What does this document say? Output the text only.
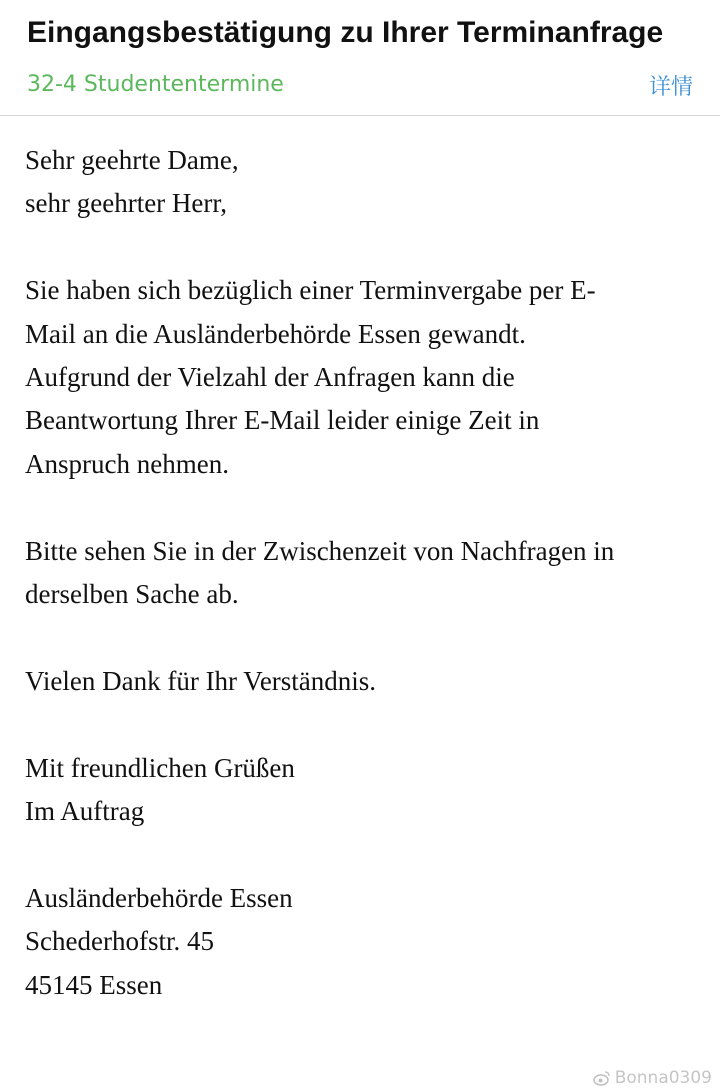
Eingangsbestätigung zu Ihrer Terminanfrage
32-4 Studententermine	详情
Sehr geehrte Dame,
sehr geehrter Herr,
Sie haben sich bezüglich einer Terminvergabe per E-
Mail an die Ausländerbehörde Essen gewandt.
Aufgrund der Vielzahl der Anfragen kann die
Beantwortung Ihrer E-Mail leider einige Zeit in
Anspruch nehmen.
Bitte sehen Sie in der Zwischenzeit von Nachfragen in
derselben Sache ab.
Vielen Dank für Ihr Verständnis.
Mit freundlichen Grüßen
Im Auftrag
Ausländerbehörde Essen
Schederhofstr. 45
45145 Essen
Bonna0309
